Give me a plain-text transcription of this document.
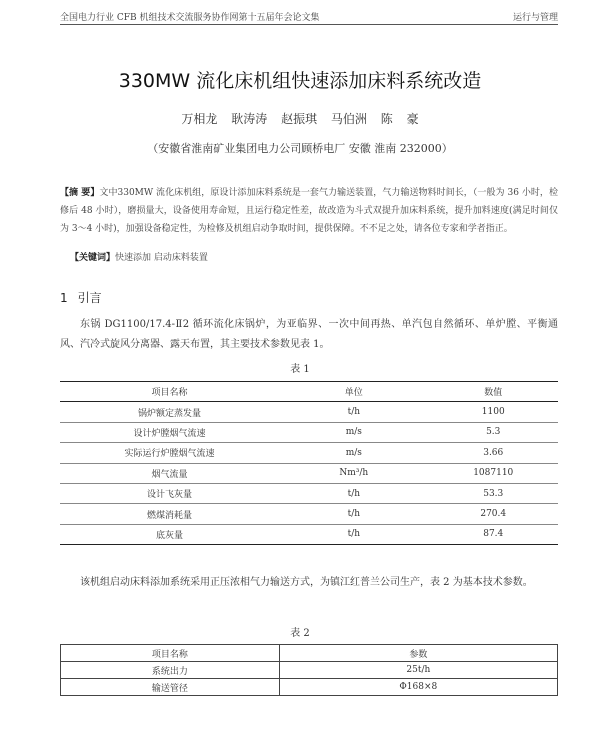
全国电力行业 CFB 机组技术交流服务协作网第十五届年会论文集	运行与管理
330MW 流化床机组快速添加床料系统改造
万相龙 耿涛涛 赵振琪 马伯洲 陈 豪
（安徽省淮南矿业集团电力公司顾桥电厂 安徽 淮南 232000）
【摘 要】文中330MW 流化床机组，原设计添加床料系统是一套气力输送装置，气力输送物料时间长，（一般为 36 小时，检修后 48 小时），磨损量大，设备使用寿命短，且运行稳定性差，故改造为斗式双提升加床料系统，提升加料速度(满足时间仅为 3～4 小时)，加强设备稳定性，为检修及机组启动争取时间，提供保障。不不足之处，请各位专家和学者指正。
【关键词】快速添加 启动床料装置
1 引言
东锅 DG1100/17.4-Ⅱ2 循环流化床锅炉，为亚临界、一次中间再热、单汽包自然循环、单炉膛、平衡通风、汽冷式旋风分离器、露天布置，其主要技术参数见表 1。
表 1
项目名称	单位	数值
锅炉额定蒸发量	t/h	1100
设计炉膛烟气流速	m/s	5.3
实际运行炉膛烟气流速	m/s	3.66
烟气流量	Nm³/h	1087110
设计飞灰量	t/h	53.3
燃煤消耗量	t/h	270.4
底灰量	t/h	87.4
该机组启动床料添加系统采用正压浓相气力输送方式，为镇江红普兰公司生产，表 2 为基本技术参数。
表 2
项目名称	参数
系统出力	25t/h
输送管径	Φ168×8
